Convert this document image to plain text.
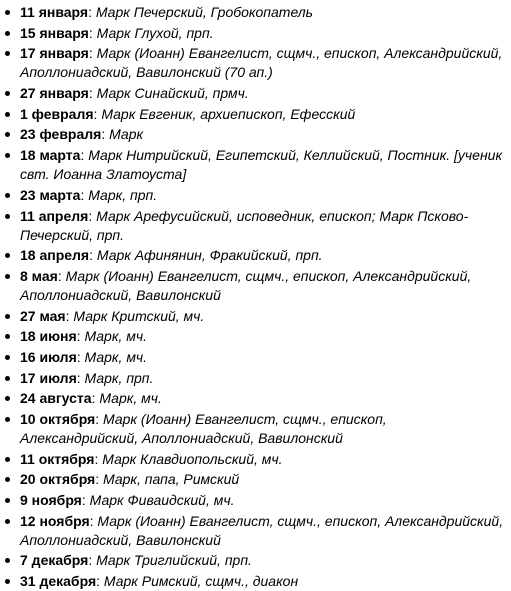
11 января: Марк Печерский, Гробокопатель
15 января: Марк Глухой, прп.
17 января: Марк (Иоанн) Евангелист, сщмч., епископ, Александрийский, Аполлониадский, Вавилонский (70 ап.)
27 января: Марк Синайский, прмч.
1 февраля: Марк Евгеник, архиепископ, Ефесский
23 февраля: Марк
18 марта: Марк Нитрийский, Египетский, Келлийский, Постник. [ученик свт. Иоанна Златоуста]
23 марта: Марк, прп.
11 апреля: Марк Арефусийский, исповедник, епископ; Марк Псково-Печерский, прп.
18 апреля: Марк Афинянин, Фракийский, прп.
8 мая: Марк (Иоанн) Евангелист, сщмч., епископ, Александрийский, Аполлониадский, Вавилонский
27 мая: Марк Критский, мч.
18 июня: Марк, мч.
16 июля: Марк, мч.
17 июля: Марк, прп.
24 августа: Марк, мч.
10 октября: Марк (Иоанн) Евангелист, сщмч., епископ, Александрийский, Аполлониадский, Вавилонский
11 октября: Марк Клавдиопольский, мч.
20 октября: Марк, папа, Римский
9 ноября: Марк Фиваидский, мч.
12 ноября: Марк (Иоанн) Евангелист, сщмч., епископ, Александрийский, Аполлониадский, Вавилонский
7 декабря: Марк Триглийский, прп.
31 декабря: Марк Римский, сщмч., диакон
